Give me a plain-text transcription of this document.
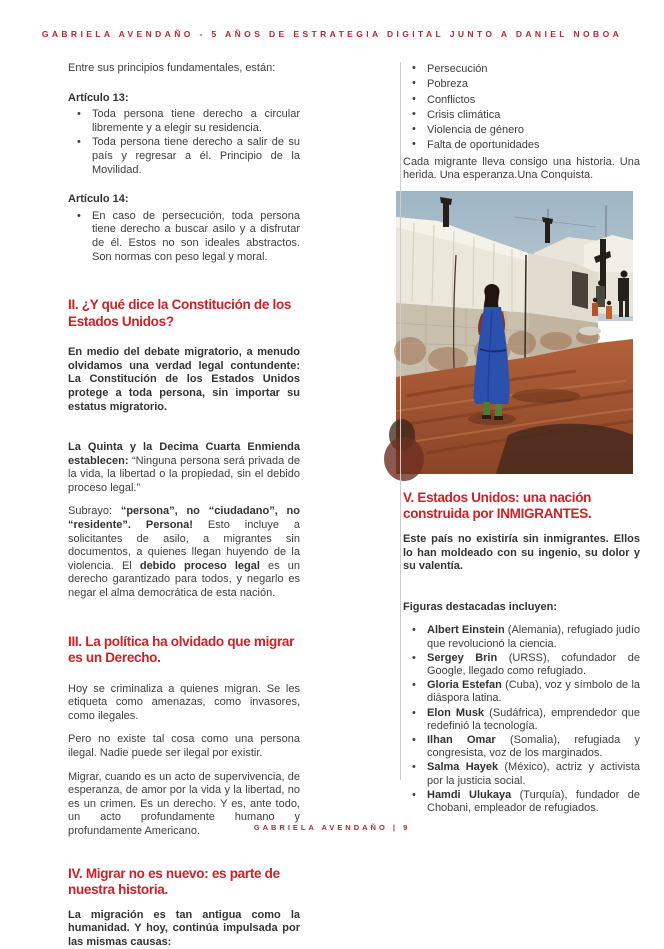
GABRIELA AVENDAÑO - 5 AÑOS DE ESTRATEGIA DIGITAL JUNTO A DANIEL NOBOA

Entre sus principios fundamentales, están:

Artículo 13:

•	Toda persona tiene derecho a circular libremente y a elegir su residencia.
•	Toda persona tiene derecho a salir de su país y regresar a él. Principio de la Movilidad.

Artículo 14:

•	En caso de persecución, toda persona tiene derecho a buscar asilo y a disfrutar de él. Estos no son ideales abstractos. Son normas con peso legal y moral.
II. ¿Y qué dice la Constitución de los Estados Unidos?

En medio del debate migratorio, a menudo olvidamos una verdad legal contundente: La Constitución de los Estados Unidos protege a toda persona, sin importar su estatus migratorio.

La Quinta y la Decima Cuarta Enmienda establecen: “Ninguna persona será privada de la vida, la libertad o la propiedad, sin el debido proceso legal.”

Subrayo: “persona”, no “ciudadano”, no “residente”. Persona! Esto incluye a solicitantes de asilo, a migrantes sin documentos, a quienes llegan huyendo de la violencia. El debido proceso legal es un derecho garantizado para todos, y negarlo es negar el alma democrática de esta nación.

III. La política ha olvidado que migrar es un Derecho.

Hoy se criminaliza a quienes migran. Se les etiqueta como amenazas, como invasores, como ilegales.

Pero no existe tal cosa como una persona ilegal. Nadie puede ser ilegal por existir.

Migrar, cuando es un acto de supervivencia, de esperanza, de amor por la vida y la libertad, no es un crimen. Es un derecho. Y es, ante todo, un acto profundamente humano y profundamente Americano.

IV. Migrar no es nuevo: es parte de nuestra historia.

La migración es tan antigua como la humanidad. Y hoy, continúa impulsada por las mismas causas:

•	Persecución
•	Pobreza
•	Conflictos
•	Crisis climática
•	Violencia de género
•	Falta de oportunidades

Cada migrante lleva consigo una historia. Una herida. Una esperanza.Una Conquista.

V. Estados Unidos: una nación construida por INMIGRANTES.

Este país no existiría sin inmigrantes. Ellos lo han moldeado con su ingenio, su dolor y su valentía.

Figuras destacadas incluyen:

•	Albert Einstein (Alemania), refugiado judío que revolucionó la ciencia.
•	Sergey Brin (URSS), cofundador de Google, llegado como refugiado.
•	Gloria Estefan (Cuba), voz y símbolo de la diáspora latina.
•	Elon Musk (Sudáfrica), emprendedor que redefinió la tecnología.
•	Ilhan Omar (Somalia), refugiada y congresista, voz de los marginados.
•	Salma Hayek (México), actriz y activista por la justicia social.
•	Hamdi Ulukaya (Turquía), fundador de Chobani, empleador de refugiados.
GABRIELA AVENDAÑO | 9
